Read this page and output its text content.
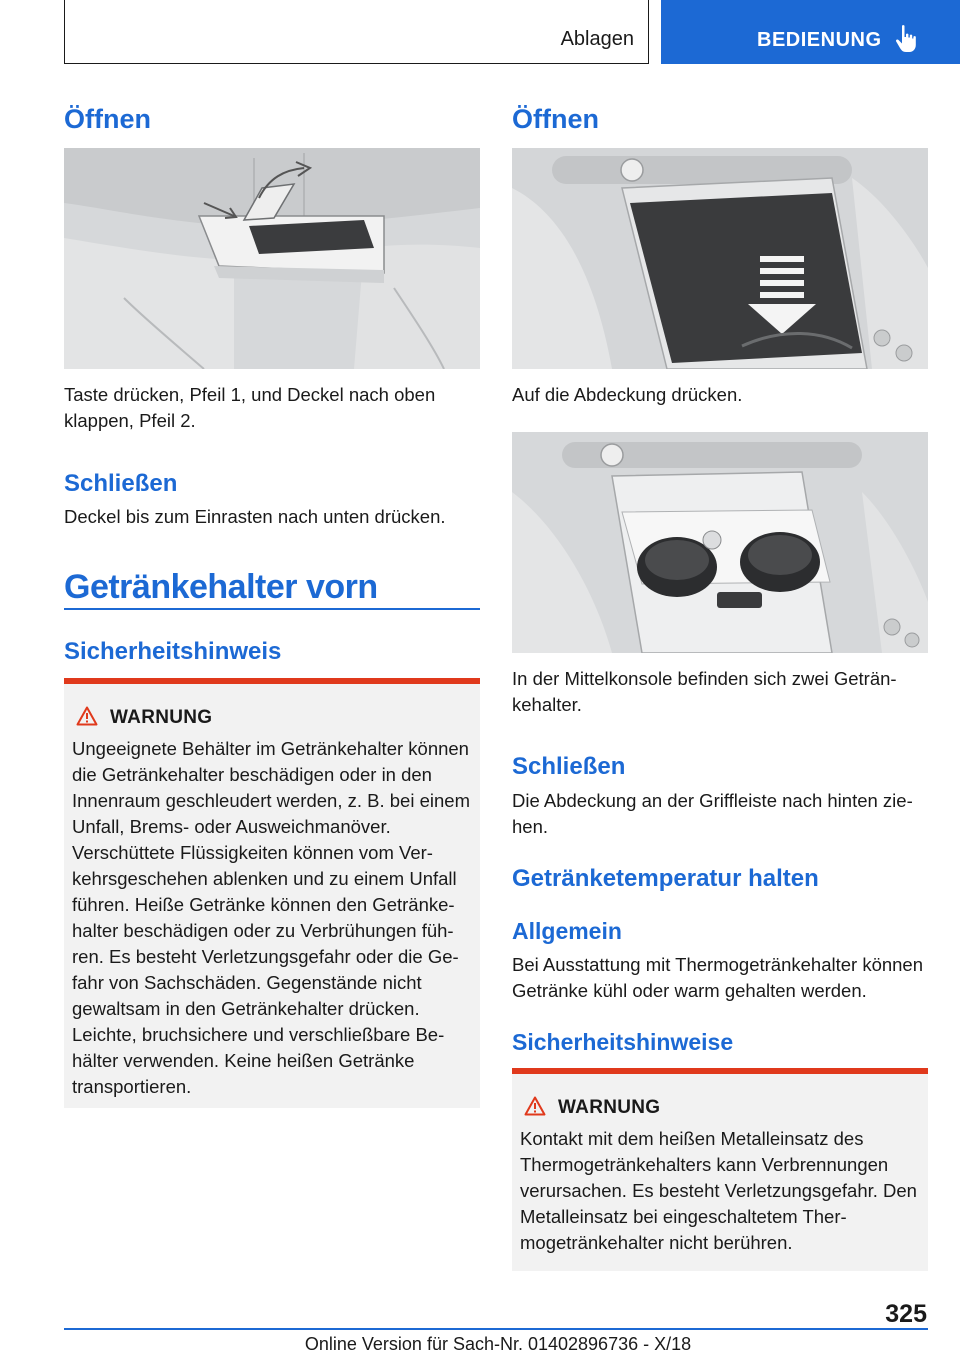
Ablagen	BEDIENUNG
Öffnen
Taste drücken, Pfeil 1, und Deckel nach oben klappen, Pfeil 2.
Schließen
Deckel bis zum Einrasten nach unten drücken.
Getränkehalter vorn
Sicherheitshinweis
WARNUNG
Ungeeignete Behälter im Getränkehalter können die Getränkehalter beschädigen oder in den Innenraum geschleudert werden, z. B. bei einem Unfall, Brems- oder Ausweichmanöver. Verschüttete Flüssigkeiten können vom Verkehrsgeschehen ablenken und zu einem Unfall führen. Heiße Getränke können den Getränkehalter beschädigen oder zu Verbrühungen führen. Es besteht Verletzungsgefahr oder die Gefahr von Sachschäden. Gegenstände nicht gewaltsam in den Getränkehalter drücken. Leichte, bruchsichere und verschließbare Behälter verwenden. Keine heißen Getränke transportieren.
Öffnen
Auf die Abdeckung drücken.
In der Mittelkonsole befinden sich zwei Getränkehalter.
Schließen
Die Abdeckung an der Griffleiste nach hinten ziehen.
Getränketemperatur halten
Allgemein
Bei Ausstattung mit Thermogetränkehalter können Getränke kühl oder warm gehalten werden.
Sicherheitshinweise
WARNUNG
Kontakt mit dem heißen Metalleinsatz des Thermogetränkehalters kann Verbrennungen verursachen. Es besteht Verletzungsgefahr. Den Metalleinsatz bei eingeschaltetem Thermogetränkehalter nicht berühren.
325
Online Version für Sach-Nr. 01402896736 - X/18
